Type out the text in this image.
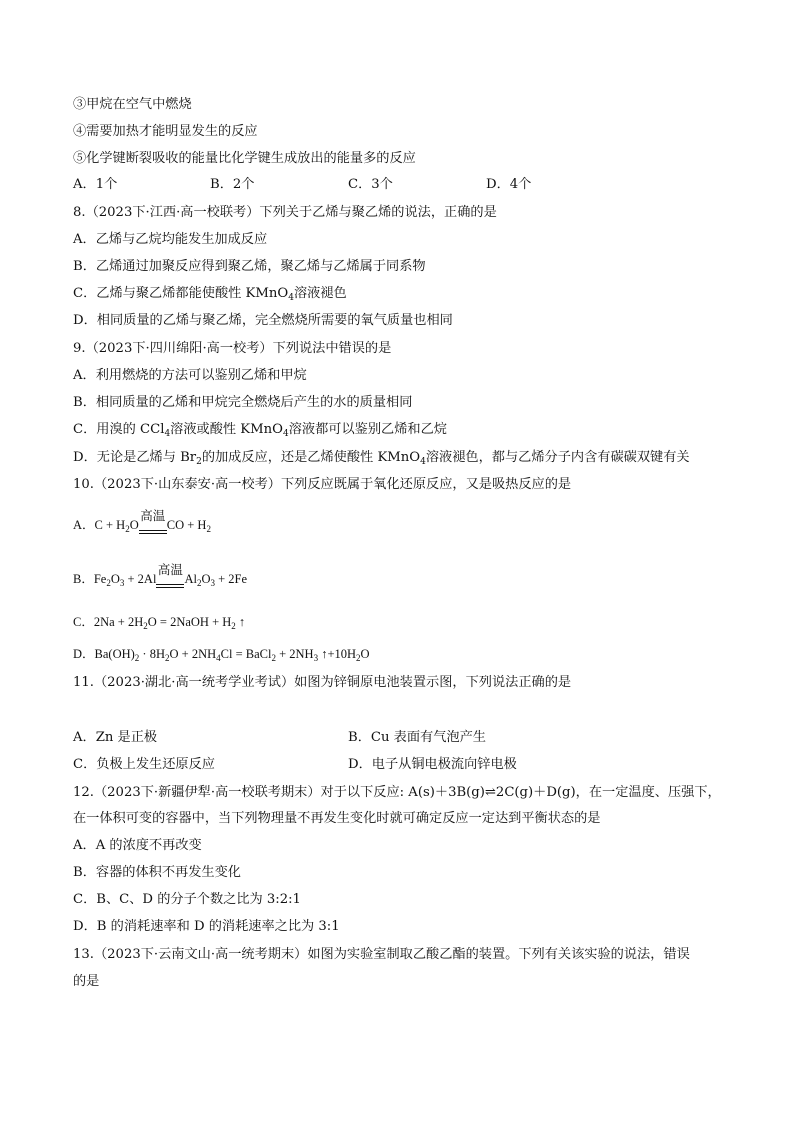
③甲烷在空气中燃烧
④需要加热才能明显发生的反应
⑤化学键断裂吸收的能量比化学键生成放出的能量多的反应
A．1个	B．2个	C．3个	D．4个
8.（2023下·江西·高一校联考）下列关于乙烯与聚乙烯的说法，正确的是
A．乙烯与乙烷均能发生加成反应
B．乙烯通过加聚反应得到聚乙烯，聚乙烯与乙烯属于同系物
C．乙烯与聚乙烯都能使酸性 KMnO$_4$溶液褪色
D．相同质量的乙烯与聚乙烯，完全燃烧所需要的氧气质量也相同
9.（2023下·四川绵阳·高一校考）下列说法中错误的是
A．利用燃烧的方法可以鉴别乙烯和甲烷
B．相同质量的乙烯和甲烷完全燃烧后产生的水的质量相同
C．用溴的 CCl$_4$溶液或酸性 KMnO$_4$溶液都可以鉴别乙烯和乙烷
D．无论是乙烯与 $Br_2$的加成反应，还是乙烯使酸性 KMnO$_4$溶液褪色，都与乙烯分子内含有碳碳双键有关
10.（2023下·山东泰安·高一校考）下列反应既属于氧化还原反应，又是吸热反应的是
A．$C + H_2O$
高温
CO + $H_2$
B．$Fe_2O_3 + 2Al$
高温
$Al_2O_3 + 2Fe$
C．$2Na + 2H_2O$ = 2NaOH + $H_2$ ↑
D．$Ba(OH)_2 \cdot 8H_2O + 2NH_4Cl$ = BaCl$_2$ + $2NH_3$ $↑+10H_2O$
11.（2023·湖北·高一统考学业考试）如图为锌铜原电池装置示图，下列说法正确的是
A．Zn 是正极	B．Cu 表面有气泡产生
C．负极上发生还原反应	D．电子从铜电极流向锌电极
12.（2023下·新疆伊犁·高一校联考期末）对于以下反应: A(s)＋3B(g)⇌2C(g)＋D(g)，在一定温度、压强下，
在一体积可变的容器中，当下列物理量不再发生变化时就可确定反应一定达到平衡状态的是
A．A 的浓度不再改变
B．容器的体积不再发生变化
C．B、C、D 的分子个数之比为 3:2:1
D．B 的消耗速率和 D 的消耗速率之比为 3:1
13.（2023下·云南文山·高一统考期末）如图为实验室制取乙酸乙酯的装置。下列有关该实验的说法，错误
的是
